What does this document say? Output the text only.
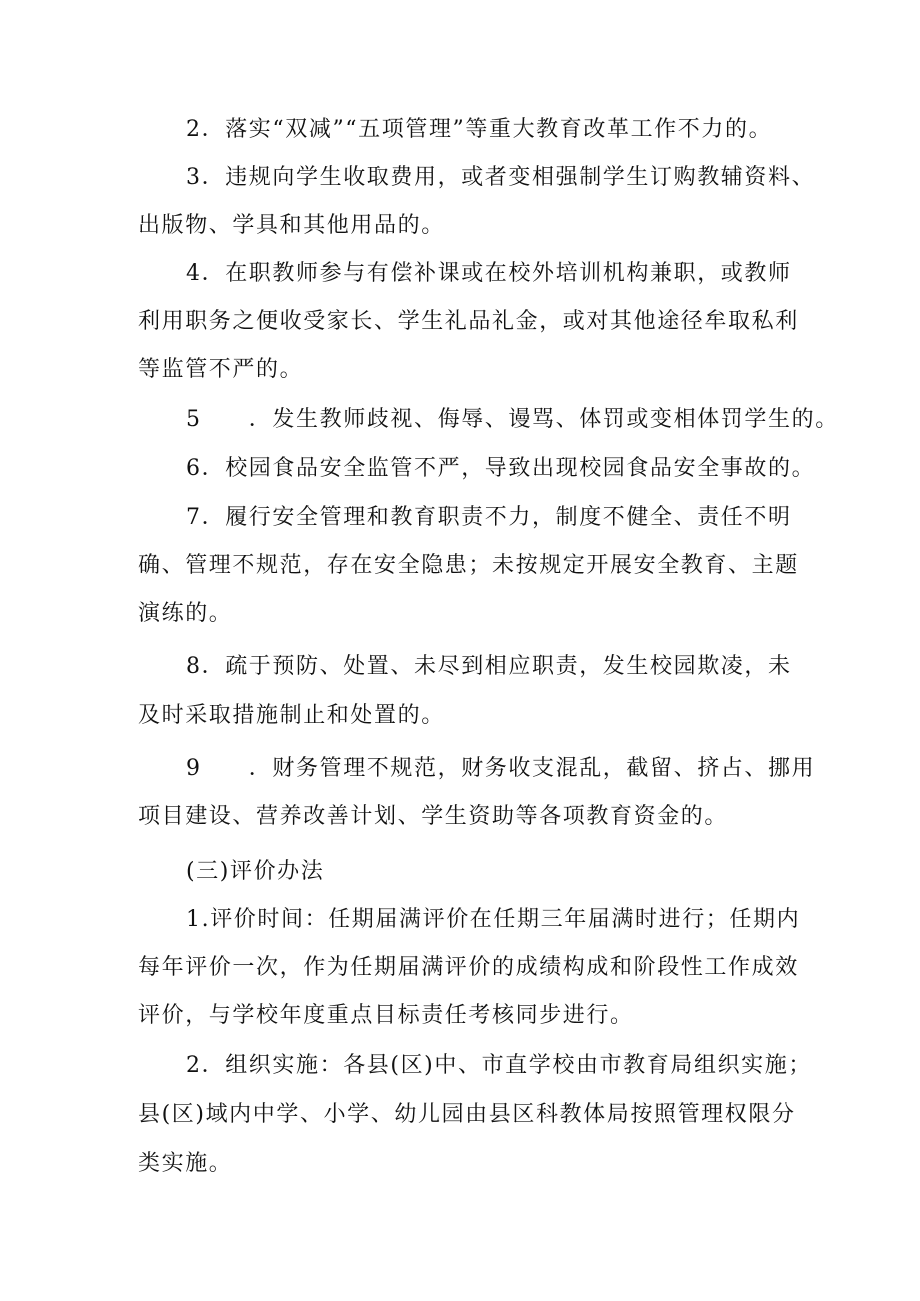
2．落实“双减”“五项管理”等重大教育改革工作不力的。
3．违规向学生收取费用，或者变相强制学生订购教辅资料、
出版物、学具和其他用品的。
4．在职教师参与有偿补课或在校外培训机构兼职，或教师
利用职务之便收受家长、学生礼品礼金，或对其他途径牟取私利
等监管不严的。
5　　．发生教师歧视、侮辱、谩骂、体罚或变相体罚学生的。
6．校园食品安全监管不严，导致出现校园食品安全事故的。
7．履行安全管理和教育职责不力，制度不健全、责任不明
确、管理不规范，存在安全隐患；未按规定开展安全教育、主题
演练的。
8．疏于预防、处置、未尽到相应职责，发生校园欺凌，未
及时采取措施制止和处置的。
9　　．财务管理不规范，财务收支混乱，截留、挤占、挪用
项目建设、营养改善计划、学生资助等各项教育资金的。
(三)评价办法
1.评价时间：任期届满评价在任期三年届满时进行；任期内
每年评价一次，作为任期届满评价的成绩构成和阶段性工作成效
评价，与学校年度重点目标责任考核同步进行。
2．组织实施：各县(区)中、市直学校由市教育局组织实施；
县(区)域内中学、小学、幼儿园由县区科教体局按照管理权限分
类实施。
